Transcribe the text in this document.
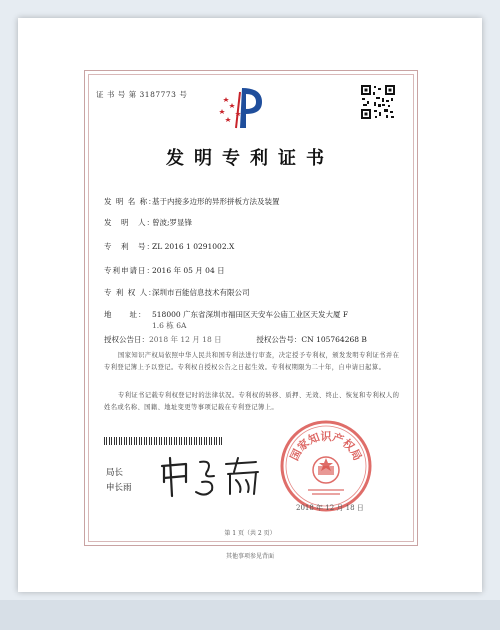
证 书 号 第 3187773 号
发明专利证书
发 明 名 称：基于内接多边形的异形拼板方法及装置
发　明　人：曾波;罗显锋
专　利　号：ZL 2016 1 0291002.X
专利申请日：2016 年 05 月 04 日
专 利 权 人：深圳市百能信息技术有限公司
地　　址： 518000 广东省深圳市福田区天安车公庙工业区天发大厦 F
1.6 栋 6A
授权公告日：2018 年 12 月 18 日	授权公告号：CN 105764268 B
国家知识产权局依照中华人民共和国专利法进行审查，决定授予专利权，颁发发明专利证书并在专利登记簿上予以登记。专利权自授权公告之日起生效。专利权期限为二十年，自申请日起算。
专利证书记载专利权登记时的法律状况。专利权的转移、质押、无效、终止、恢复和专利权人的姓名或名称、国籍、地址变更等事项记载在专利登记簿上。
局长
申长雨
国家知识产权局
2018 年 12 月 18 日
第 1 页（共 2 页）
其他事项参见背面
